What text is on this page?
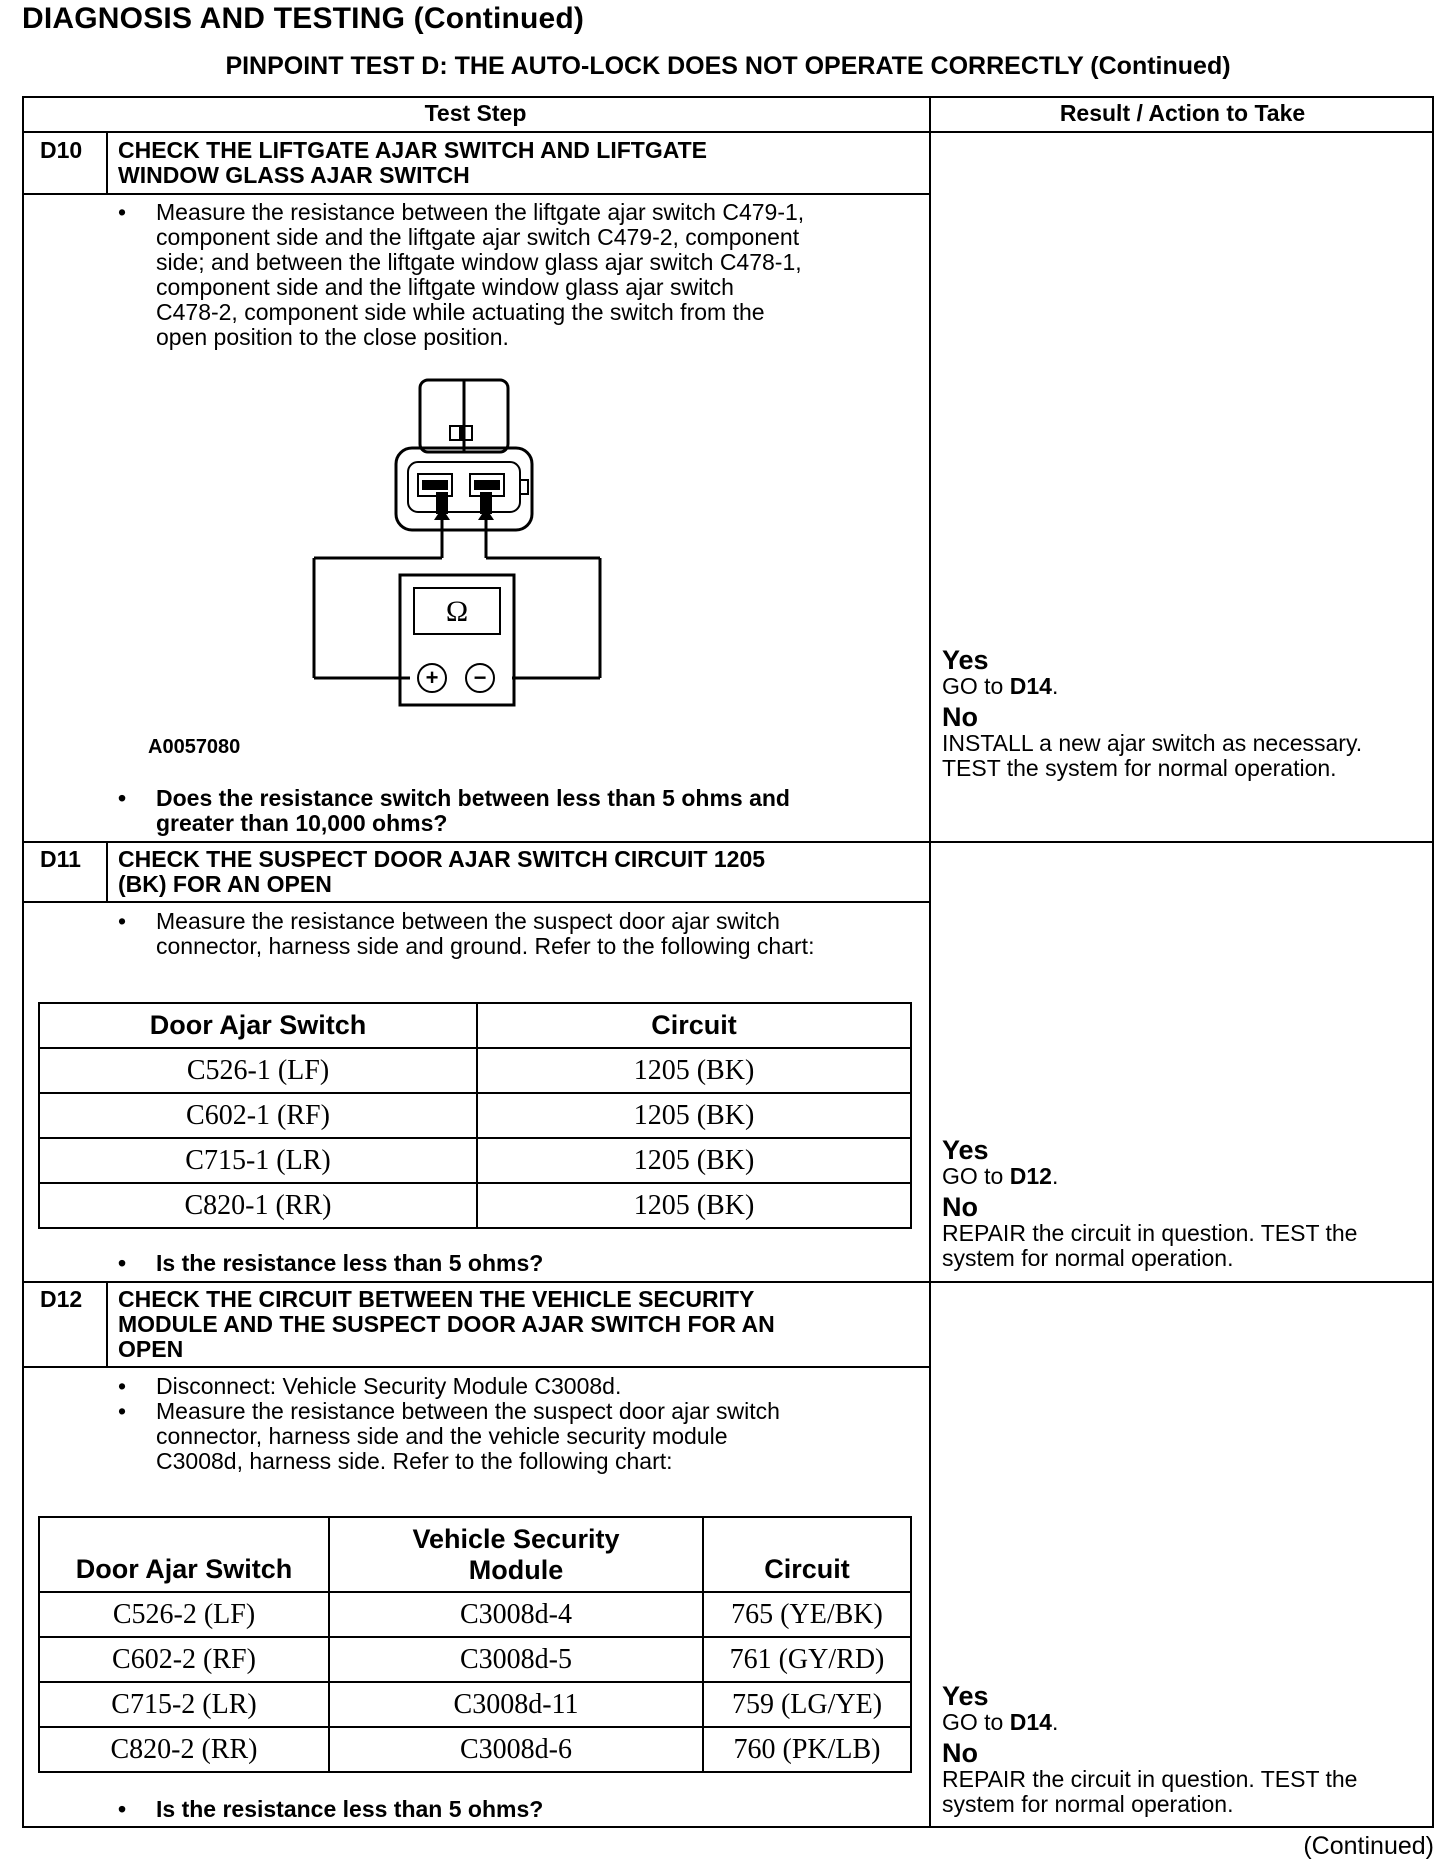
DIAGNOSIS AND TESTING (Continued)
PINPOINT TEST D: THE AUTO-LOCK DOES NOT OPERATE CORRECTLY (Continued)
Test Step	Result / Action to Take
D10 CHECK THE LIFTGATE AJAR SWITCH AND LIFTGATE
WINDOW GLASS AJAR SWITCH
• Measure the resistance between the liftgate ajar switch C479-1,
component side and the liftgate ajar switch C479-2, component
side; and between the liftgate window glass ajar switch C478-1,
component side and the liftgate window glass ajar switch
C478-2, component side while actuating the switch from the
open position to the close position.
Ω
+ −
A0057080
• Does the resistance switch between less than 5 ohms and
greater than 10,000 ohms?
Yes
GO to D14.
No
INSTALL a new ajar switch as necessary.
TEST the system for normal operation.
D11 CHECK THE SUSPECT DOOR AJAR SWITCH CIRCUIT 1205
(BK) FOR AN OPEN
• Measure the resistance between the suspect door ajar switch
connector, harness side and ground. Refer to the following chart:
Door Ajar Switch	Circuit
C526-1 (LF)	1205 (BK)
C602-1 (RF)	1205 (BK)
C715-1 (LR)	1205 (BK)
C820-1 (RR)	1205 (BK)
• Is the resistance less than 5 ohms?
Yes
GO to D12.
No
REPAIR the circuit in question. TEST the
system for normal operation.
D12 CHECK THE CIRCUIT BETWEEN THE VEHICLE SECURITY
MODULE AND THE SUSPECT DOOR AJAR SWITCH FOR AN
OPEN
• Disconnect: Vehicle Security Module C3008d.
• Measure the resistance between the suspect door ajar switch
connector, harness side and the vehicle security module
C3008d, harness side. Refer to the following chart:
Door Ajar Switch	Vehicle Security Module	Circuit
C526-2 (LF)	C3008d-4	765 (YE/BK)
C602-2 (RF)	C3008d-5	761 (GY/RD)
C715-2 (LR)	C3008d-11	759 (LG/YE)
C820-2 (RR)	C3008d-6	760 (PK/LB)
• Is the resistance less than 5 ohms?
Yes
GO to D14.
No
REPAIR the circuit in question. TEST the
system for normal operation.
(Continued)
